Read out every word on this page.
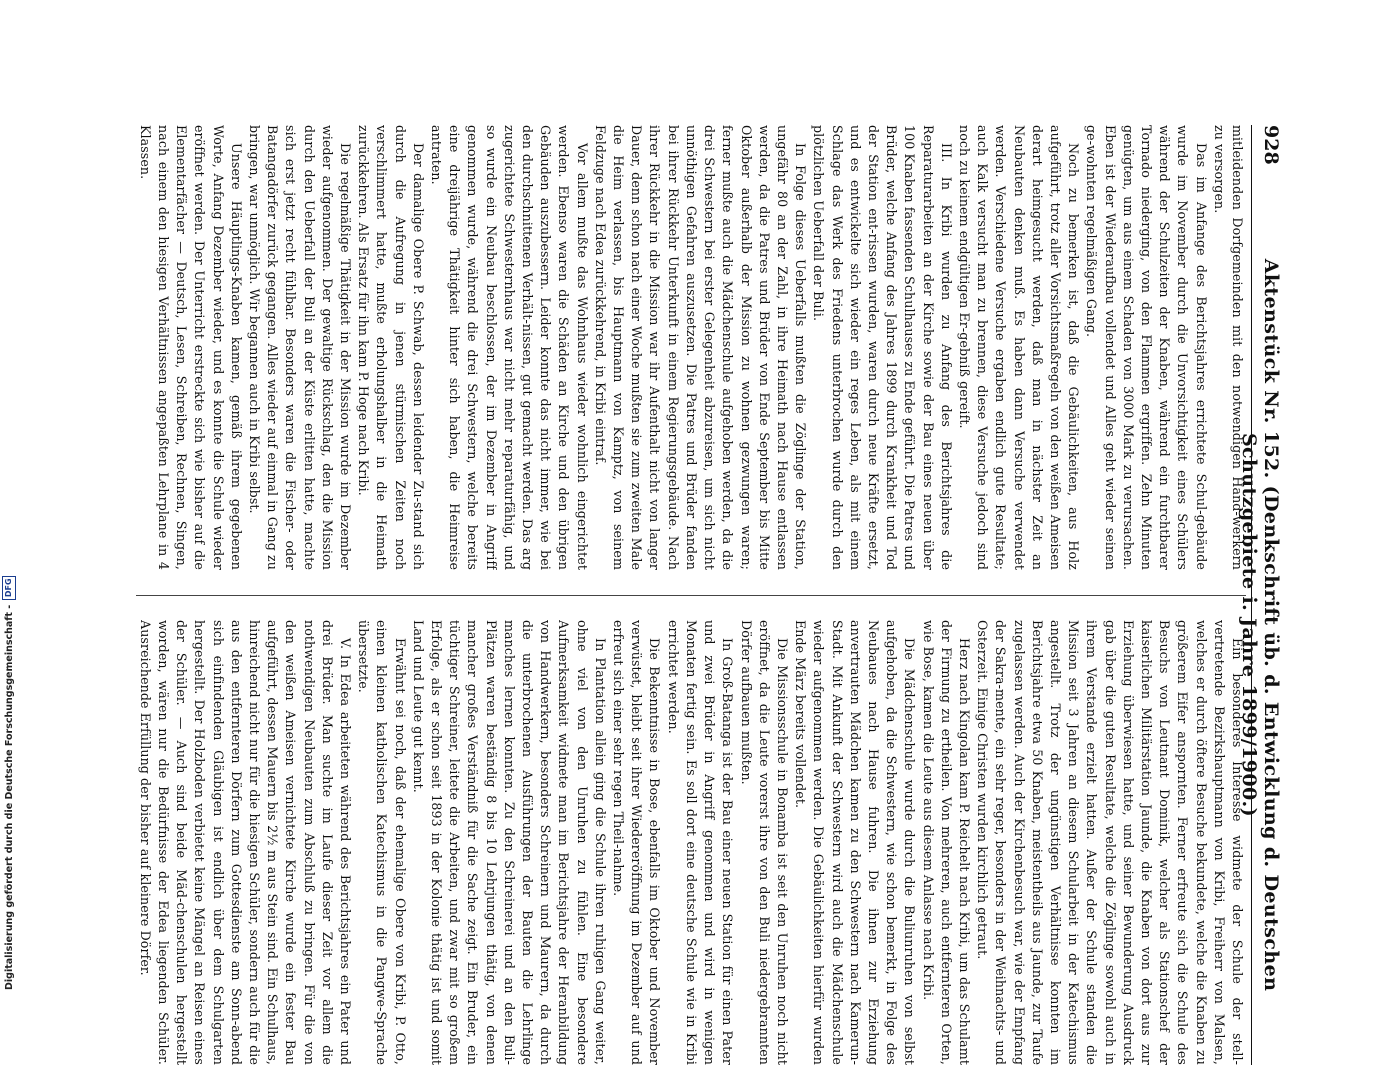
928
Aktenstück Nr. 152. (Denkschrift üb. d. Entwicklung d. Deutschen Schutzgebiete i. Jahre 1899/1900.)

mitleidenden Dorfgemeinden mit den notwendigen Hand-werkern zu versorgen.

Das im Anfange des Berichtsjahres errichtete Schul-gebäude wurde im November durch die Unvorsichtigkeit eines Schülers während der Schulzeiten der Knaben, während ein furchtbarer Tornado niederging, von den Flammen ergriffen. Zehn Minuten genügten, um aus einem Schaden von 3000 Mark zu verursachen. Eben ist der Wiederaufbau vollendet und Alles geht wieder seinen ge-wohnten regelmäßigen Gang.

Noch zu bemerken ist, daß die Gebäulichkeiten, aus Holz aufgeführt, trotz aller Vorsichtsmaßregeln von den weißen Ameisen derart heimgesucht werden, daß man in nächster Zeit an Neubauten denken muß. Es haben dann Versuche verwendet werden. Verschiedene Versuche ergaben endlich gute Resultate; auch Kalk versucht man zu brennen, diese Versuche jedoch sind noch zu keinem endgültigen Er-gebniß gereift.

III. In Kribi wurden zu Anfang des Berichtsjahres die Reparaturarbeiten an der Kirche sowie der Bau eines neuen über 100 Knaben fassenden Schulhauses zu Ende geführt. Die Patres und Brüder, welche Anfang des Jahres 1899 durch Krankheit und Tod der Station ent-rissen wurden, waren durch neue Kräfte ersetzt, und es entwickelte sich wieder ein reges Leben, als mit einem Schlage das Werk des Friedens unterbrochen wurde durch den plötzlichen Ueberfall der Buli.

In Folge dieses Ueberfalls mußten die Zöglinge der Station, ungefähr 80 an der Zahl, in ihre Heimath nach Hause entlassen werden, da die Patres und Brüder von Ende September bis Mitte Oktober außerhalb der Mission zu wohnen gezwungen waren; ferner mußte auch die Mädchenschule aufgehoben werden, da die drei Schwestern bei erster Gelegenheit abzureisen, um sich nicht unnöthigen Gefahren auszusetzen. Die Patres und Brüder fanden bei ihrer Rückkehr Unterkunft in einem Regierungsgebäude. Nach ihrer Rückkehr in die Mission war ihr Aufenthalt nicht von langer Dauer, denn schon nach einer Woche mußten sie zum zweiten Male die Heim verlassen, bis Hauptmann von Kamptz, von seinem Feldzuge nach Edea zurückkehrend, in Kribi eintraf.

Vor allem mußte das Wohnhaus wieder wohnlich eingerichtet werden. Ebenso waren die Schäden an Kirche und den übrigen Gebäuden auszubessern. Leider konnte das nicht immer, wie bei den durchschnittenen Verhält-nissen, gut gemacht werden. Das arg zugerichtete Schwesternhaus war nicht mehr reparaturfähig, und so wurde ein Neubau beschlossen, der im Dezember in Angriff genommen wurde, während die drei Schwestern, welche bereits eine dreijährige Thätigkeit hinter sich haben, die Heimreise antraten.

Der damalige Obere P. Schwab, dessen leidender Zu-stand sich durch die Aufregung in jenen stürmischen Zeiten noch verschlimmert hatte, mußte erholungshalber in die Heimath zurückkehren. Als Ersatz für ihn kam P. Hoge nach Kribi.

Die regelmäßige Thätigkeit in der Mission wurde im Dezember wieder aufgenommen. Der gewaltige Rückschlag, den die Mission durch den Ueberfall der Buli an der Küste erlitten hatte, machte sich erst jetzt recht fühlbar. Besonders waren die Fischer- oder Batangadörfer zurück gegangen. Alles wieder auf einmal in Gang zu bringen, war unmöglich. Wir begannen auch in Kribi selbst.

Unsere Häuptlings-Knaben kamen, gemäß ihrem gegebenen Worte, Anfang Dezember wieder, und es konnte die Schule wieder eröffnet werden. Der Unterricht erstreckte sich wie bisher auf die Elementarfächer — Deutsch, Lesen, Schreiben, Rechnen, Singen, nach einem den hiesigen Verhältnissen angepaßten Lehrplane in 4 Klassen.

Ein besonderes Interesse widmete der Schule der stell-vertretende Bezirkshauptmann von Kribi, Freiherr von Malsen, welches er durch öftere Besuche bekundete, welche die Knaben zu größerem Eifer anspornten. Ferner erfreute sich die Schule des Besuchs von Leutnant Dominik, welcher als Stationschef der kaiserlichen Militärstation Jaunde, die Knaben von dort aus zur Erziehung überwiesen hatte, und seiner Bewunderung Ausdruck gab über die guten Resultate, welche die Zöglinge sowohl auch in ihrem Verstande erzielt hatten. Außer der Schule standen die Mission seit 3 Jahren an diesem Schularbeit in der Katechismus angestellt. Trotz der ungünstigen Verhältnisse konnten im Berichtsjahre etwa 50 Knaben, meistentheils aus Jaunde, zur Taufe zugelassen werden. Auch der Kirchenbesuch war, wie der Empfang der Sakra-mente, ein sehr reger, besonders in der Weihnachts- und Osterzeit. Einige Christen wurden kirchlich getraut.

Herz nach Kingolan kam P. Reichelt nach Kribi, um das Schulamt der Firmung zu ertheilen. Von mehreren, auch entfernteren Orten, wie Bose, kamen die Leute aus diesem Anlasse nach Kribi.

Die Mädchenschule wurde durch die Buliunruhen von selbst aufgehoben, da die Schwestern, wie schon bemerkt, in Folge des Neubaues nach Hause fuhren. Die ihnen zur Erziehung anvertrauten Mädchen kamen zu den Schwestern nach Kamerun-Stadt. Mit Ankunft der Schwestern wird auch die Mädchenschule wieder aufgenommen werden. Die Gebäulichkeiten hierfür wurden Ende März bereits vollendet.

Die Missionsschule in Bonamba ist seit den Unruhen noch nicht eröffnet, da die Leute vorerst ihre von den Buli niedergebrannten Dörfer aufbauen mußten.

In Groß-Batanga ist der Bau einer neuen Station für einen Pater und zwei Brüder in Angriff genommen und wird in wenigen Monaten fertig sein. Es soll dort eine deutsche Schule wie in Kribi errichtet werden.

Die Bekenntnisse in Bose, ebenfalls im Oktober und November verwüstet, bleibt seit ihrer Wiedereröffnung im Dezember auf und erfreut sich einer sehr regen Theil-nahme.

In Plantation allein ging die Schule ihren ruhigen Gang weiter, ohne viel von den Unruhen zu fühlen. Eine besondere Aufmerksamkeit widmete man im Berichtsjahre der Heranbildung von Handwerkern, besonders Schreinern und Maurern, da durch die unterbrochenen Ausführungen der Bauten die Lehrlinge manches lernen konnten. Zu den Schreinerei und an den Buli-Plätzen waren beständig 8 bis 10 Lehrjungen thätig, von denen mancher großes Verständniß für die Sache zeigt. Ein Bruder, ein tüchtiger Schreiner, leitete die Arbeiten, und zwar mit so großem Erfolge, als er schon seit 1893 in der Kolonie thätig ist und somit Land und Leute gut kennt.

Erwähnt sei noch, daß der ehemalige Obere von Kribi, P. Otto, einen kleinen katholischen Katechismus in die Pangwe-Sprache übersetzte.

V. In Edea arbeiteten während des Berichtsjahres ein Pater und drei Brüder. Man suchte im Laufe dieser Zeit vor allem die nothwendigen Neubauten zum Abschluß zu bringen. Für die von den weißen Ameisen vernichtete Kirche wurde ein fester Bau aufgeführt, dessen Mauern bis 2½ m aus Stein sind. Ein Schulhaus, hinreichend nicht nur für die hiesigen Schüler, sondern auch für die aus den entfernteren Dörfern zum Gottesdienste am Sonn-abend sich einfindenden Gläubigen ist endlich über dem Schulgarten hergestellt. Der Holzboden verbietet keine Mängel an Reisen eines der Schüler. — Auch sind beide Mäd-chenschulen hergestellt worden, wären nur die Bedürfnisse der Edea liegenden Schüler. Ausreichende Erfüllung der bisher auf kleinere Dörfer.

Digitalisierung gefördert durch die Deutsche Forschungsgemeinschaft -
DFG
